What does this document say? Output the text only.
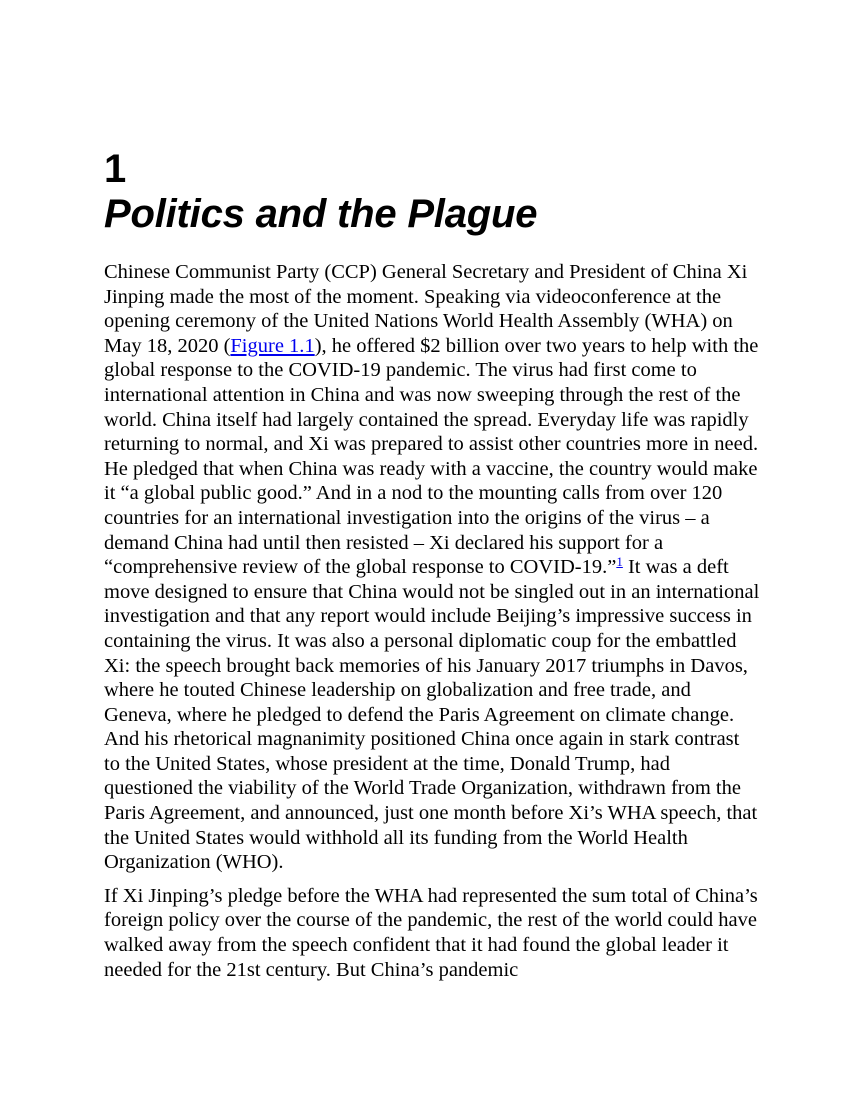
1
Politics and the Plague

Chinese Communist Party (CCP) General Secretary and President of China Xi Jinping made the most of the moment. Speaking via videoconference at the opening ceremony of the United Nations World Health Assembly (WHA) on May 18, 2020 (Figure 1.1), he offered $2 billion over two years to help with the global response to the COVID-19 pandemic. The virus had first come to international attention in China and was now sweeping through the rest of the world. China itself had largely contained the spread. Everyday life was rapidly returning to normal, and Xi was prepared to assist other countries more in need. He pledged that when China was ready with a vaccine, the country would make it “a global public good.” And in a nod to the mounting calls from over 120 countries for an international investigation into the origins of the virus – a demand China had until then resisted – Xi declared his support for a “comprehensive review of the global response to COVID-19.”$^1$ It was a deft move designed to ensure that China would not be singled out in an international investigation and that any report would include Beijing’s impressive success in containing the virus. It was also a personal diplomatic coup for the embattled Xi: the speech brought back memories of his January 2017 triumphs in Davos, where he touted Chinese leadership on globalization and free trade, and Geneva, where he pledged to defend the Paris Agreement on climate change. And his rhetorical magnanimity positioned China once again in stark contrast to the United States, whose president at the time, Donald Trump, had questioned the viability of the World Trade Organization, withdrawn from the Paris Agreement, and announced, just one month before Xi’s WHA speech, that the United States would withhold all its funding from the World Health Organization (WHO).

If Xi Jinping’s pledge before the WHA had represented the sum total of China’s foreign policy over the course of the pandemic, the rest of the world could have walked away from the speech confident that it had found the global leader it needed for the 21st century. But China’s pandemic
